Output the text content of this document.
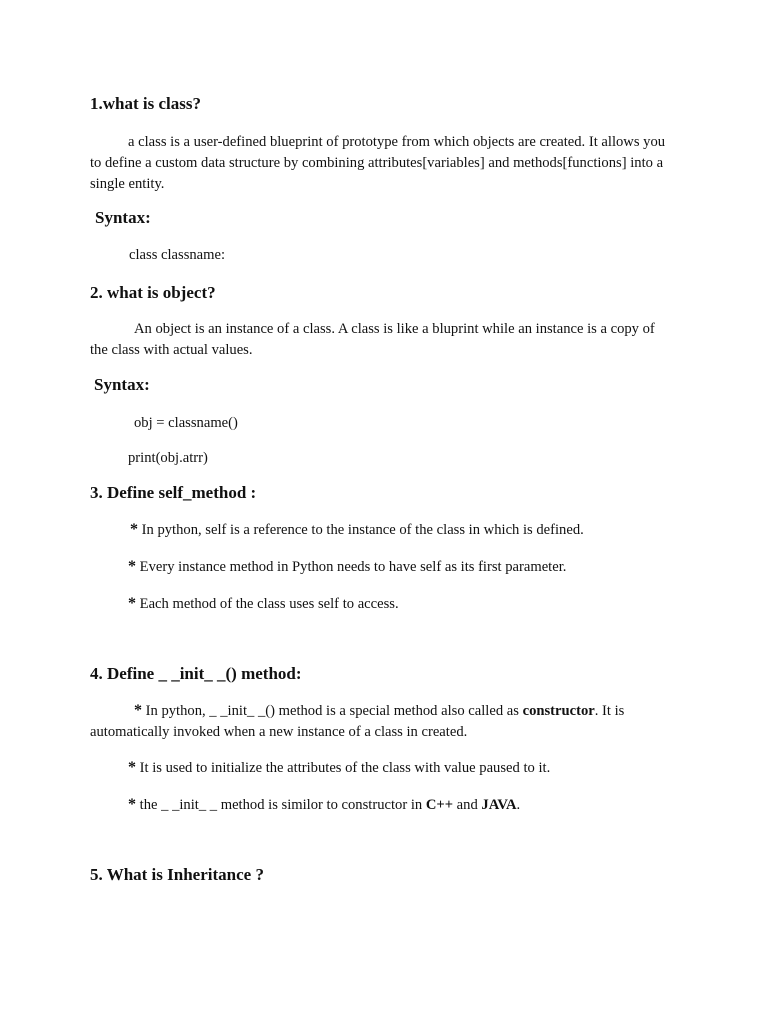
1.what is class?

a class is a user-defined blueprint of prototype from which objects are created. It allows you to define a custom data structure by combining attributes[variables] and methods[functions] into a single entity.

Syntax:
class classname:
2. what is object?

An object is an instance of a class. A class is like a bluprint while an instance is a copy of the class with actual values.

Syntax:
obj = classname()
print(obj.atrr)
3. Define self_method :
* In python, self is a reference to the instance of the class in which is defined.
* Every instance method in Python needs to have self as its first parameter.
* Each method of the class uses self to access.
4. Define _ _init_ _() method:

* In python, _ _init_ _() method is a special method also called as constructor. It is automatically invoked when a new instance of a class in created.

* It is used to initialize the attributes of the class with value paused to it.
* the _ _init_ _ method is similor to constructor in C++ and JAVA.
5. What is Inheritance ?
